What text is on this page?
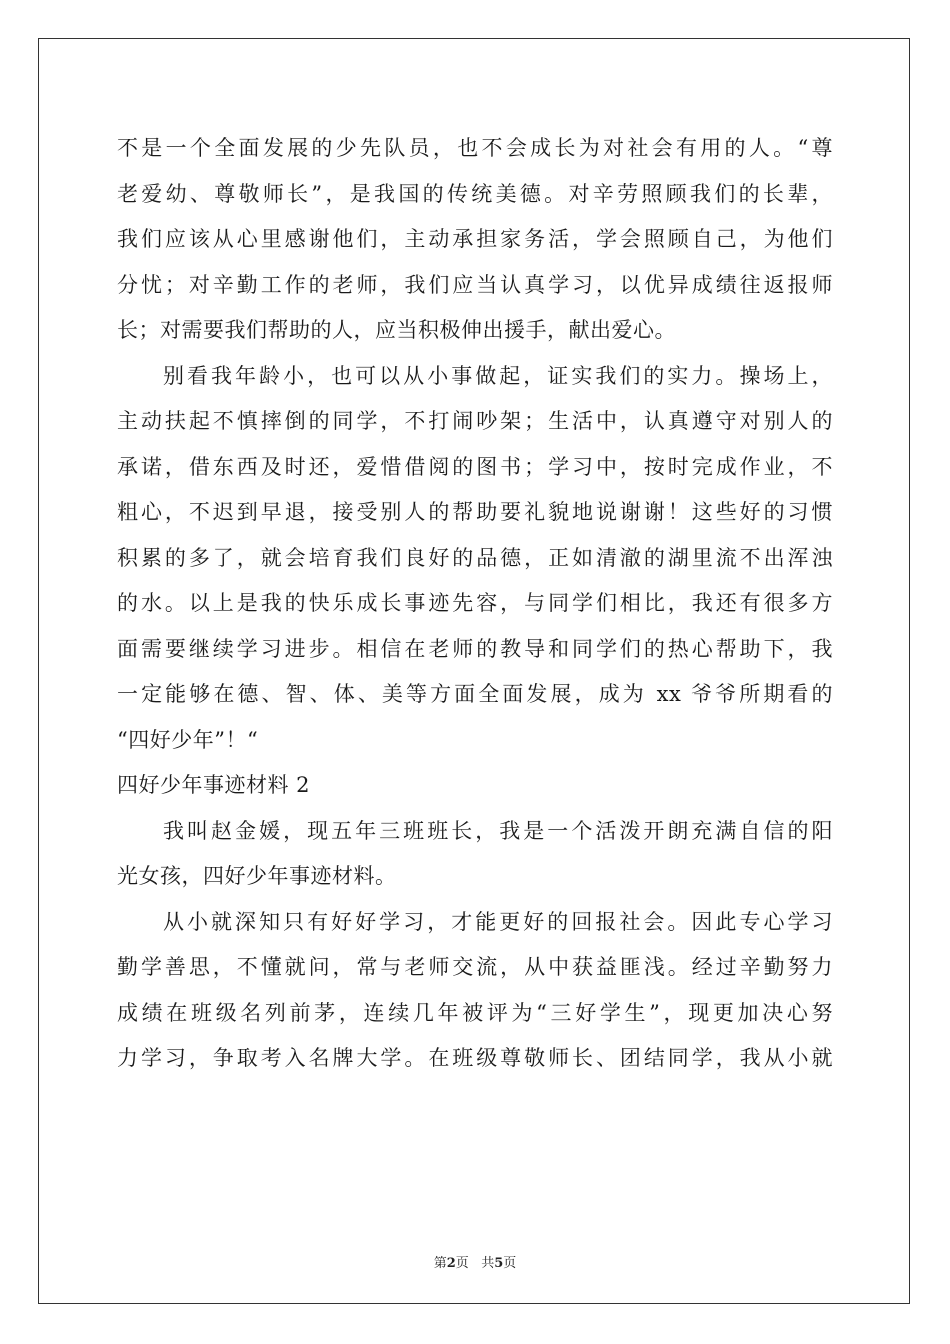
不是一个全面发展的少先队员，也不会成长为对社会有用的人。“尊
老爱幼、尊敬师长”，是我国的传统美德。对辛劳照顾我们的长辈，
我们应该从心里感谢他们，主动承担家务活，学会照顾自己，为他们
分忧；对辛勤工作的老师，我们应当认真学习，以优异成绩往返报师
长；对需要我们帮助的人，应当积极伸出援手，献出爱心。
别看我年龄小，也可以从小事做起，证实我们的实力。操场上，
主动扶起不慎摔倒的同学，不打闹吵架；生活中，认真遵守对别人的
承诺，借东西及时还，爱惜借阅的图书；学习中，按时完成作业，不
粗心，不迟到早退，接受别人的帮助要礼貌地说谢谢！这些好的习惯
积累的多了，就会培育我们良好的品德，正如清澈的湖里流不出浑浊
的水。以上是我的快乐成长事迹先容，与同学们相比，我还有很多方
面需要继续学习进步。相信在老师的教导和同学们的热心帮助下，我
一定能够在德、智、体、美等方面全面发展，成为 xx 爷爷所期看的
“四好少年”！“
四好少年事迹材料 2
我叫赵金媛，现五年三班班长，我是一个活泼开朗充满自信的阳
光女孩，四好少年事迹材料。
从小就深知只有好好学习，才能更好的回报社会。因此专心学习
勤学善思，不懂就问，常与老师交流，从中获益匪浅。经过辛勤努力
成绩在班级名列前茅，连续几年被评为“三好学生”，现更加决心努
力学习，争取考入名牌大学。在班级尊敬师长、团结同学，我从小就
第2页 共5页
